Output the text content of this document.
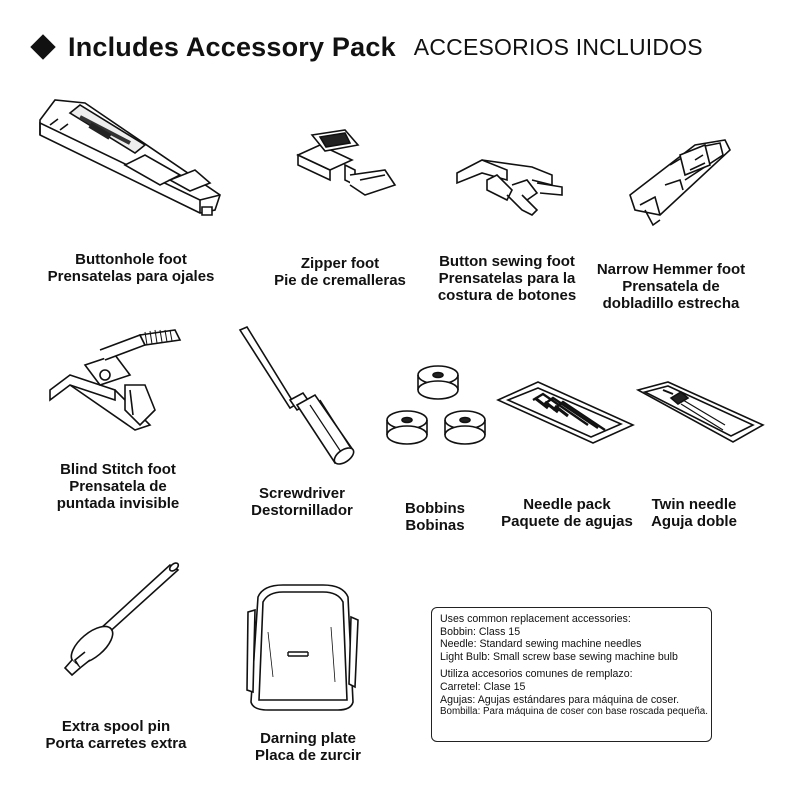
Includes Accessory Pack ACCESORIOS INCLUIDOS
Buttonhole foot
Prensatelas para ojales
Zipper foot
Pie de cremalleras
Button sewing foot
Prensatelas para la
costura de botones
Narrow Hemmer foot
Prensatela de
dobladillo estrecha
Blind Stitch foot
Prensatela de
puntada invisible
Screwdriver
Destornillador	Bobbins
Bobinas
Needle pack
Paquete de agujas
Twin needle
Aguja doble
Extra spool pin
Porta carretes extra	Darning plate
Placa de zurcir

Uses common replacement accessories:

Bobbin: Class 15

Needle: Standard sewing machine needles

Light Bulb: Small screw base sewing machine bulb

Utiliza accesorios comunes de remplazo:

Carretel: Clase 15

Agujas: Agujas estándares para máquina de coser.

Bombilla: Para máquina de coser con base roscada pequeña.
